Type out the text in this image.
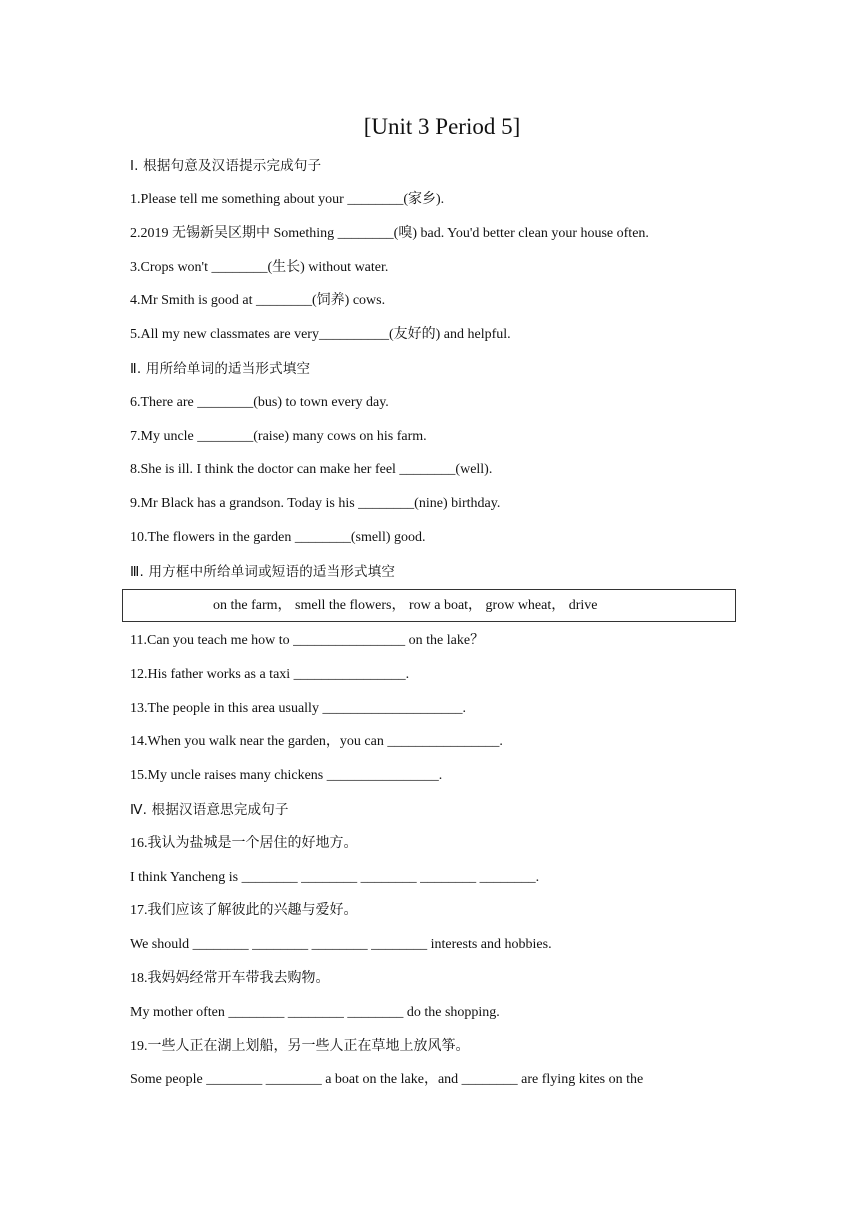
[Unit 3 Period 5]
Ⅰ. 根据句意及汉语提示完成句子
1.Please tell me something about your ________(家乡).
2.2019 无锡新吴区期中 Something ________(嗅) bad. You'd better clean your house often.
3.Crops won't ________(生长) without water.
4.Mr Smith is good at ________(饲养) cows.
5.All my new classmates are very__________(友好的) and helpful.
Ⅱ. 用所给单词的适当形式填空
6.There are ________(bus) to town every day.
7.My uncle ________(raise) many cows on his farm.
8.She is ill. I think the doctor can make her feel ________(well).
9.Mr Black has a grandson. Today is his ________(nine) birthday.
10.The flowers in the garden ________(smell) good.
Ⅲ. 用方框中所给单词或短语的适当形式填空
on the farm， smell the flowers， row a boat， grow wheat， drive
11.Can you teach me how to ________________ on the lake？
12.His father works as a taxi ________________.
13.The people in this area usually ____________________.
14.When you walk near the garden，you can ________________.
15.My uncle raises many chickens ________________.
Ⅳ. 根据汉语意思完成句子
16.我认为盐城是一个居住的好地方。
I think Yancheng is ________ ________ ________ ________ ________.
17.我们应该了解彼此的兴趣与爱好。
We should ________ ________ ________ ________ interests and hobbies.
18.我妈妈经常开车带我去购物。
My mother often ________ ________ ________ do the shopping.
19.一些人正在湖上划船，另一些人正在草地上放风筝。
Some people ________ ________ a boat on the lake，and ________ are flying kites on the
